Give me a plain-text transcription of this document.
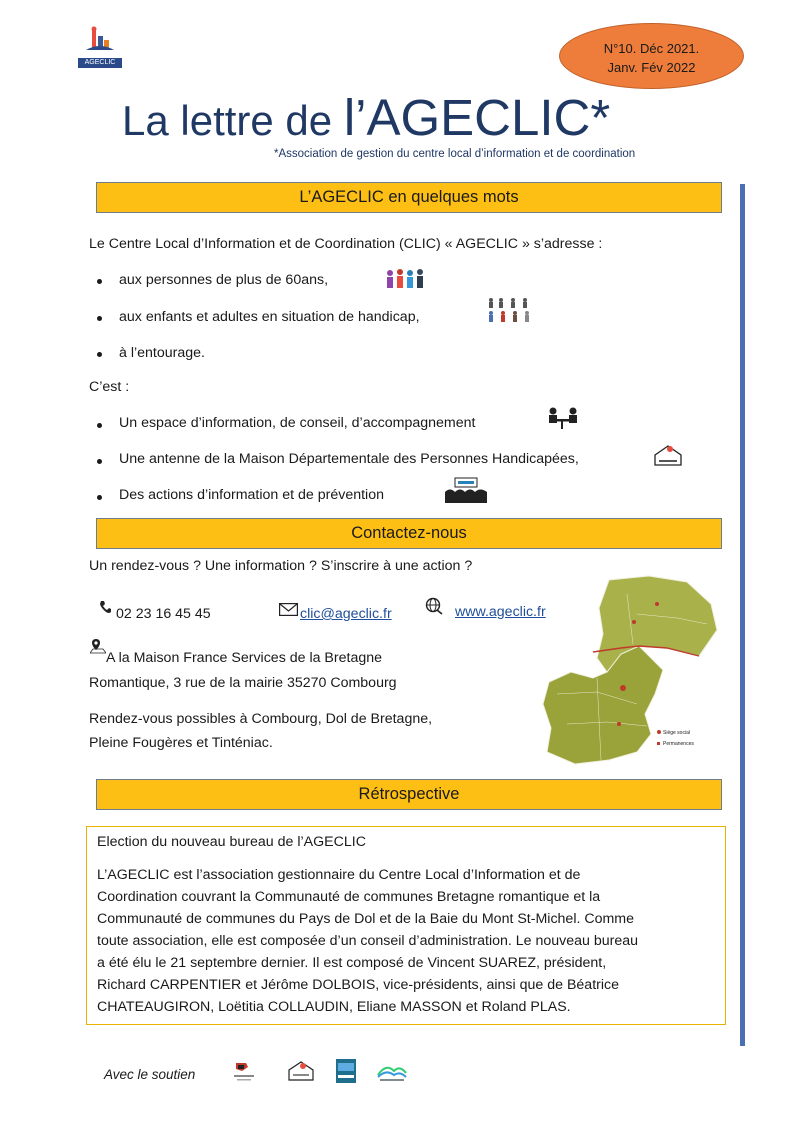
AGECLIC
N°10. Déc 2021.
Janv. Fév 2022
La lettre de l’AGECLIC*
*Association de gestion du centre local d’information et de coordination
L’AGECLIC en quelques mots
Le Centre Local d’Information et de Coordination (CLIC) « AGECLIC » s’adresse :
aux personnes de plus de 60ans,
aux enfants et adultes en situation de handicap,
à l’entourage.
C’est :
Un espace d’information, de conseil, d’accompagnement
Une antenne de la Maison Départementale des Personnes Handicapées,
Des actions d’information et de prévention
Contactez-nous
Un rendez-vous ? Une information ? S’inscrire à une action ?
02 23 16 45 45	clic@ageclic.fr	www.ageclic.fr
A la Maison France Services de la Bretagne
Romantique, 3 rue de la mairie 35270 Combourg
Rendez-vous possibles à Combourg, Dol de Bretagne,
Pleine Fougères et Tinténiac.
Siège social
Permanences
Rétrospective
Election du nouveau bureau de l’AGECLIC
L’AGECLIC est l’association gestionnaire du Centre Local d’Information et de
Coordination couvrant la Communauté de communes Bretagne romantique et la
Communauté de communes du Pays de Dol et de la Baie du Mont St-Michel. Comme
toute association, elle est composée d’un conseil d’administration. Le nouveau bureau
a été élu le 21 septembre dernier. Il est composé de Vincent SUAREZ, président,
Richard CARPENTIER et Jérôme DOLBOIS, vice-présidents, ainsi que de Béatrice
CHATEAUGIRON, Loëtitia COLLAUDIN, Eliane MASSON et Roland PLAS.
Avec le soutien
